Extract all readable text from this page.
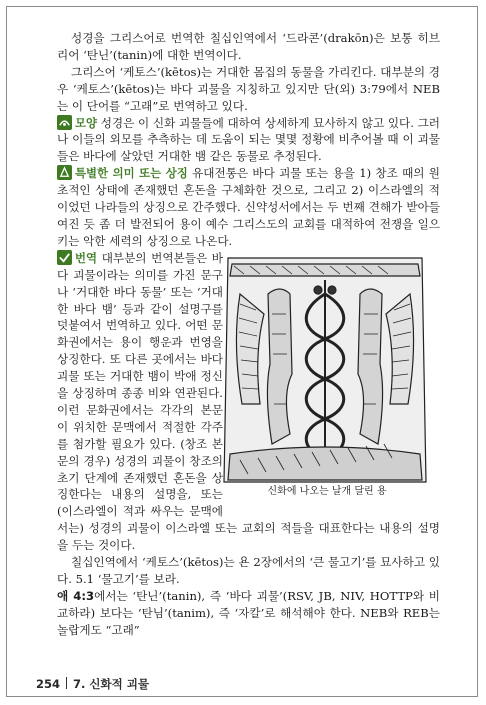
성경을 그리스어로 번역한 칠십인역에서 ‘드라콘’(drakōn)은 보통 히브리어 ‘탄닌’(tanin)에 대한 번역이다.

그리스어 ‘케토스’(kētos)는 거대한 몸집의 동물을 가리킨다. 대부분의 경우 ‘케토스’(kētos)는 바다 괴물을 지칭하고 있지만 단(외) 3:79에서 NEB는 이 단어를 “고래”로 번역하고 있다.

모양 성경은 이 신화 괴물들에 대하여 상세하게 묘사하지 않고 있다. 그러나 이들의 외모를 추측하는 데 도움이 되는 몇몇 정황에 비추어볼 때 이 괴물들은 바다에 살았던 거대한 뱀 같은 동물로 추정된다.

특별한 의미 또는 상징 유대전통은 바다 괴물 또는 용을 1) 창조 때의 원초적인 상태에 존재했던 혼돈을 구체화한 것으로, 그리고 2) 이스라엘의 적이었던 나라들의 상징으로 간주했다. 신약성서에서는 두 번째 견해가 받아들여진 듯 좀 더 발전되어 용이 예수 그리스도의 교회를 대적하여 전쟁을 일으키는 악한 세력의 상징으로 나온다.

번역 대부분의 번역본들은 바다 괴물이라는 의미를 가진 문구나 ‘거대한 바다 동물’ 또는 ‘거대한 바다 뱀’ 등과 같이 설명구를 덧붙여서 번역하고 있다. 어떤 문화권에서는 용이 행운과 번영을 상징한다. 또 다른 곳에서는 바다 괴물 또는 거대한 뱀이 박애 정신을 상징하며 종종 비와 연관된다. 이런 문화권에서는 각각의 본문이 위치한 문맥에서 적절한 각주를 첨가할 필요가 있다. (창조 본문의 경우) 성경의 괴물이 창조의 초기 단계에 존재했던 혼돈을 상징한다는 내용의 설명을, 또는 (이스라엘이 적과 싸우는 문맥에서는) 성경의 괴물이 이스라엘 또는 교회의 적들을 대표한다는 내용의 설명을 두는 것이다.

칠십인역에서 ‘케토스’(kētos)는 욘 2장에서의 ‘큰 물고기’를 묘사하고 있다. 5.1 ‘물고기’를 보라.

애 4:3에서는 ‘탄닌’(tanin), 즉 ‘바다 괴물’(RSV, JB, NIV, HOTTP와 비교하라) 보다는 ‘탄님’(tanim), 즉 ‘자칼’로 해석해야 한다. NEB와 REB는 놀랍게도 “고래”

신화에 나오는 날개 달린 용
254 7. 신화적 괴물
